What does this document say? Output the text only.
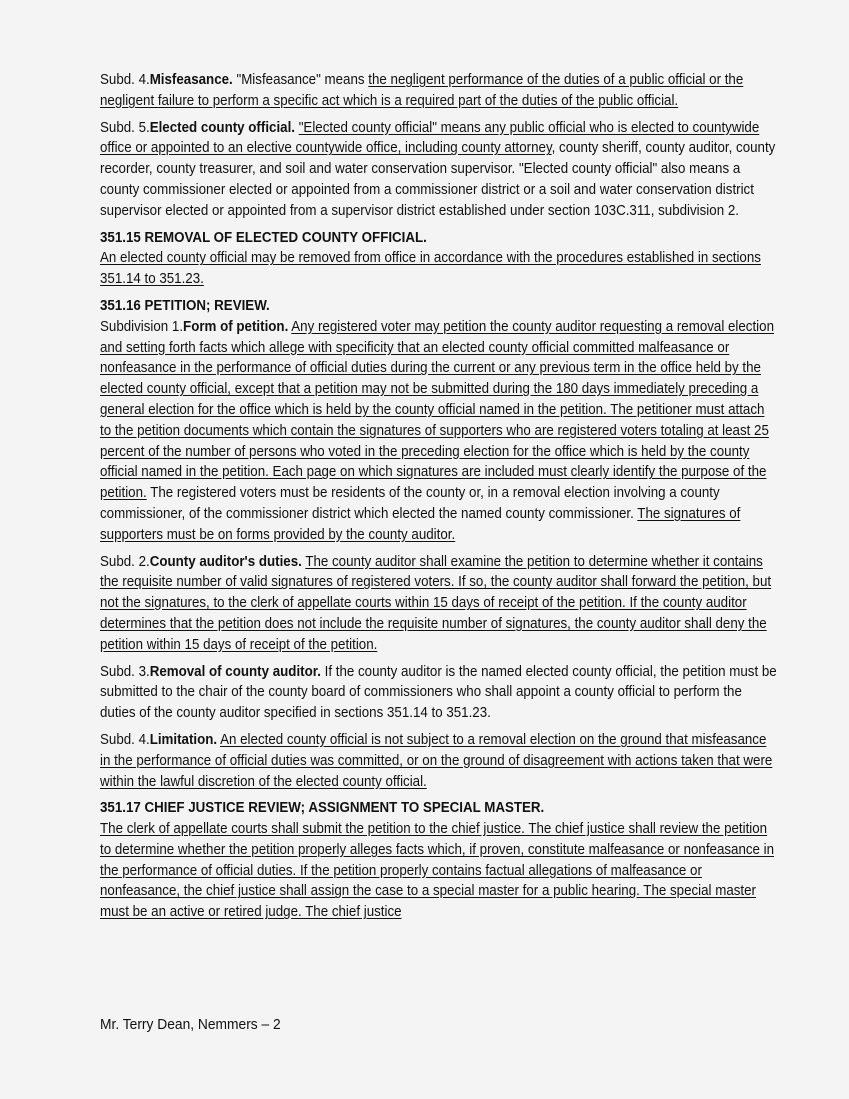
Subd. 4.Misfeasance. "Misfeasance" means the negligent performance of the duties of a public official or the negligent failure to perform a specific act which is a required part of the duties of the public official.

Subd. 5.Elected county official. "Elected county official" means any public official who is elected to countywide office or appointed to an elective countywide office, including county attorney, county sheriff, county auditor, county recorder, county treasurer, and soil and water conservation supervisor. "Elected county official" also means a county commissioner elected or appointed from a commissioner district or a soil and water conservation district supervisor elected or appointed from a supervisor district established under section 103C.311, subdivision 2.

351.15 REMOVAL OF ELECTED COUNTY OFFICIAL.

An elected county official may be removed from office in accordance with the procedures established in sections 351.14 to 351.23.

351.16 PETITION; REVIEW.

Subdivision 1.Form of petition. Any registered voter may petition the county auditor requesting a removal election and setting forth facts which allege with specificity that an elected county official committed malfeasance or nonfeasance in the performance of official duties during the current or any previous term in the office held by the elected county official, except that a petition may not be submitted during the 180 days immediately preceding a general election for the office which is held by the county official named in the petition. The petitioner must attach to the petition documents which contain the signatures of supporters who are registered voters totaling at least 25 percent of the number of persons who voted in the preceding election for the office which is held by the county official named in the petition. Each page on which signatures are included must clearly identify the purpose of the petition. The registered voters must be residents of the county or, in a removal election involving a county commissioner, of the commissioner district which elected the named county commissioner. The signatures of supporters must be on forms provided by the county auditor.

Subd. 2.County auditor's duties. The county auditor shall examine the petition to determine whether it contains the requisite number of valid signatures of registered voters. If so, the county auditor shall forward the petition, but not the signatures, to the clerk of appellate courts within 15 days of receipt of the petition. If the county auditor determines that the petition does not include the requisite number of signatures, the county auditor shall deny the petition within 15 days of receipt of the petition.

Subd. 3.Removal of county auditor. If the county auditor is the named elected county official, the petition must be submitted to the chair of the county board of commissioners who shall appoint a county official to perform the duties of the county auditor specified in sections 351.14 to 351.23.

Subd. 4.Limitation. An elected county official is not subject to a removal election on the ground that misfeasance in the performance of official duties was committed, or on the ground of disagreement with actions taken that were within the lawful discretion of the elected county official.

351.17 CHIEF JUSTICE REVIEW; ASSIGNMENT TO SPECIAL MASTER.

The clerk of appellate courts shall submit the petition to the chief justice. The chief justice shall review the petition to determine whether the petition properly alleges facts which, if proven, constitute malfeasance or nonfeasance in the performance of official duties. If the petition properly contains factual allegations of malfeasance or nonfeasance, the chief justice shall assign the case to a special master for a public hearing. The special master must be an active or retired judge. The chief justice

Mr. Terry Dean, Nemmers – 2
